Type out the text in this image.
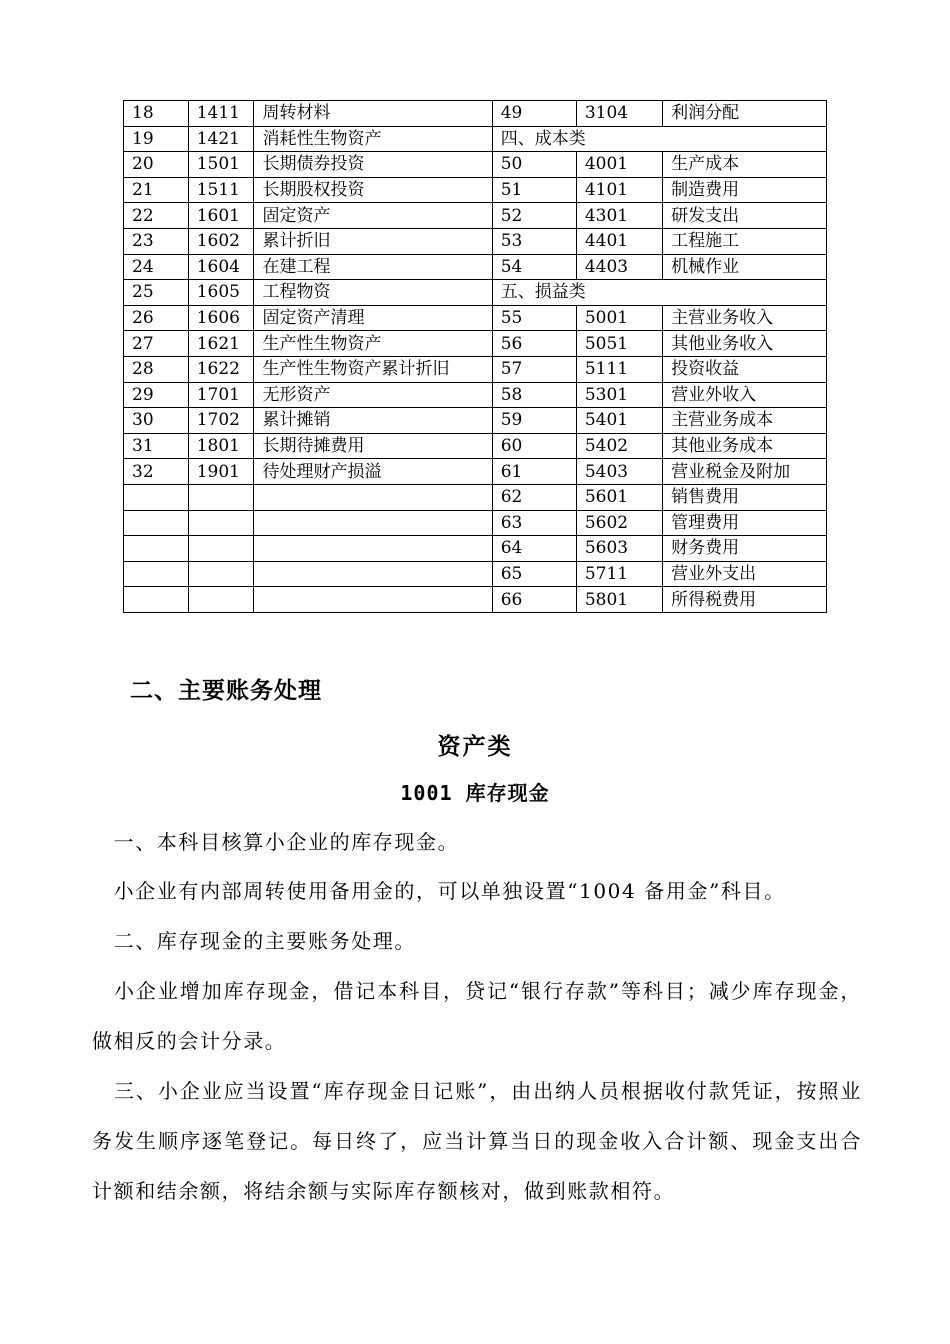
18	1411	周转材料	49	3104	利润分配
19	1421	消耗性生物资产	四、成本类		
20	1501	长期债券投资	50	4001	生产成本
21	1511	长期股权投资	51	4101	制造费用
22	1601	固定资产	52	4301	研发支出
23	1602	累计折旧	53	4401	工程施工
24	1604	在建工程	54	4403	机械作业
25	1605	工程物资	五、损益类		
26	1606	固定资产清理	55	5001	主营业务收入
27	1621	生产性生物资产	56	5051	其他业务收入
28	1622	生产性生物资产累计折旧	57	5111	投资收益
29	1701	无形资产	58	5301	营业外收入
30	1702	累计摊销	59	5401	主营业务成本
31	1801	长期待摊费用	60	5402	其他业务成本
32	1901	待处理财产损溢	61	5403	营业税金及附加
			62	5601	销售费用
			63	5602	管理费用
			64	5603	财务费用
			65	5711	营业外支出
			66	5801	所得税费用
二、主要账务处理
资产类
1001 库存现金
　一、本科目核算小企业的库存现金。
　小企业有内部周转使用备用金的，可以单独设置“1004 备用金”科目。
　二、库存现金的主要账务处理。
　小企业增加库存现金，借记本科目，贷记“银行存款”等科目；减少库存现金，做相反的会计分录。
　三、小企业应当设置“库存现金日记账”，由出纳人员根据收付款凭证，按照业务发生顺序逐笔登记。每日终了，应当计算当日的现金收入合计额、现金支出合计额和结余额，将结余额与实际库存额核对，做到账款相符。
